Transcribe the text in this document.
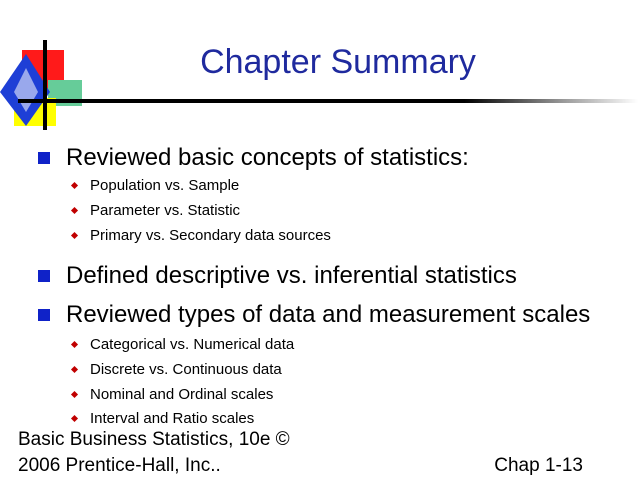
Chapter Summary
Reviewed basic concepts of statistics:
Population vs. Sample
Parameter vs. Statistic
Primary vs. Secondary data sources
Defined descriptive vs. inferential statistics
Reviewed types of data and measurement scales
Categorical vs. Numerical data
Discrete vs. Continuous data
Nominal and Ordinal scales
Interval and Ratio scales
Basic Business Statistics, 10e ©
2006 Prentice-Hall, Inc..	Chap 1-13
